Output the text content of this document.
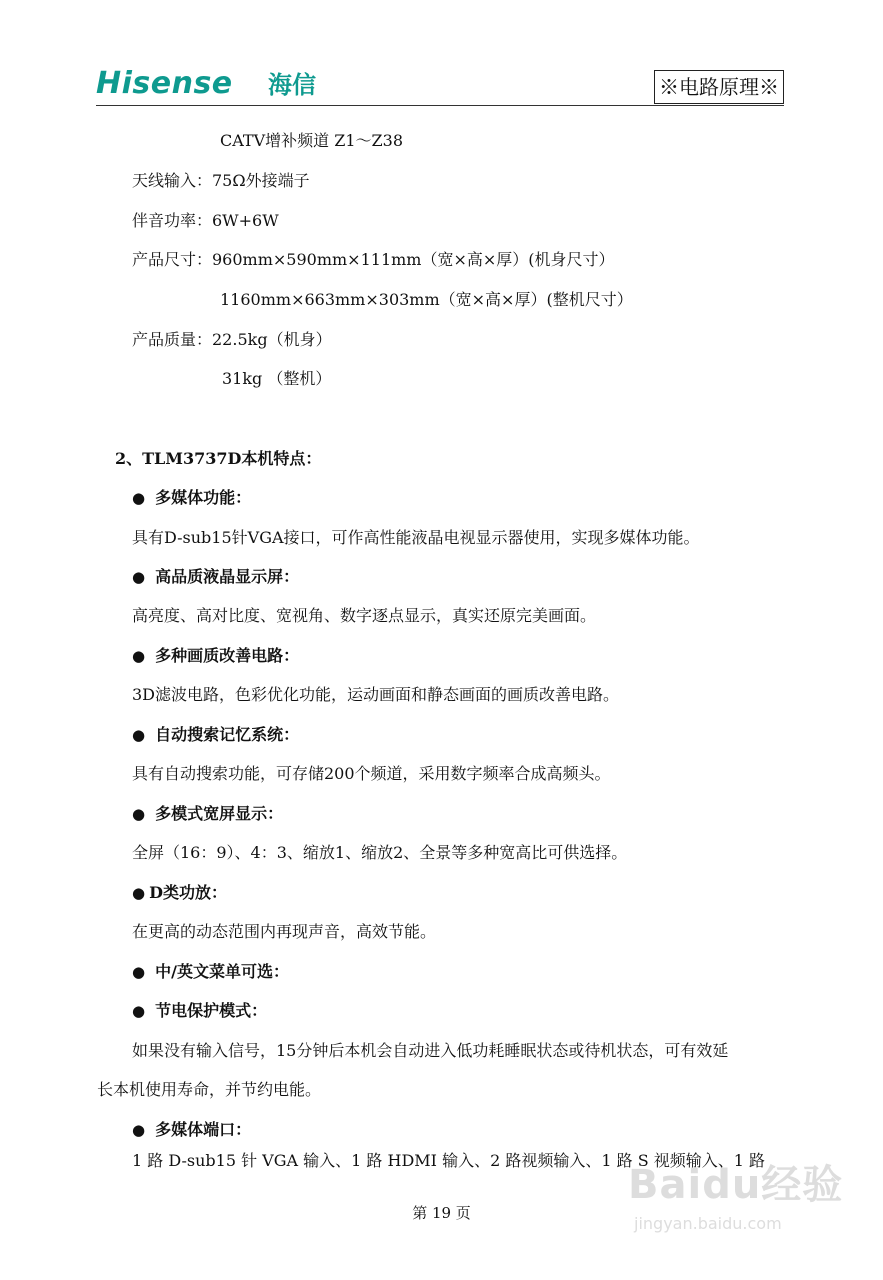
Hisense 海信	※电路原理※
CATV增补频道 Z1～Z38
天线输入：75Ω外接端子
伴音功率：6W+6W
产品尺寸：960mm×590mm×111mm（宽×高×厚）(机身尺寸）
1160mm×663mm×303mm（宽×高×厚）(整机尺寸）
产品质量：22.5kg（机身）
31kg （整机）
2、TLM3737D本机特点：
● 多媒体功能：
具有D-sub15针VGA接口，可作高性能液晶电视显示器使用，实现多媒体功能。
● 高品质液晶显示屏：
高亮度、高对比度、宽视角、数字逐点显示，真实还原完美画面。
● 多种画质改善电路：
3D滤波电路，色彩优化功能，运动画面和静态画面的画质改善电路。
● 自动搜索记忆系统：
具有自动搜索功能，可存储200个频道，采用数字频率合成高频头。
● 多模式宽屏显示：
全屏（16：9）、4：3、缩放1、缩放2、全景等多种宽高比可供选择。
● D类功放：
在更高的动态范围内再现声音，高效节能。
● 中/英文菜单可选：
● 节电保护模式：
如果没有输入信号，15分钟后本机会自动进入低功耗睡眠状态或待机状态，可有效延
长本机使用寿命，并节约电能。
● 多媒体端口：
1 路 D-sub15 针 VGA 输入、1 路 HDMI 输入、2 路视频输入、1 路 S 视频输入、1 路
第 19 页
Baidu经验
jingyan.baidu.com
